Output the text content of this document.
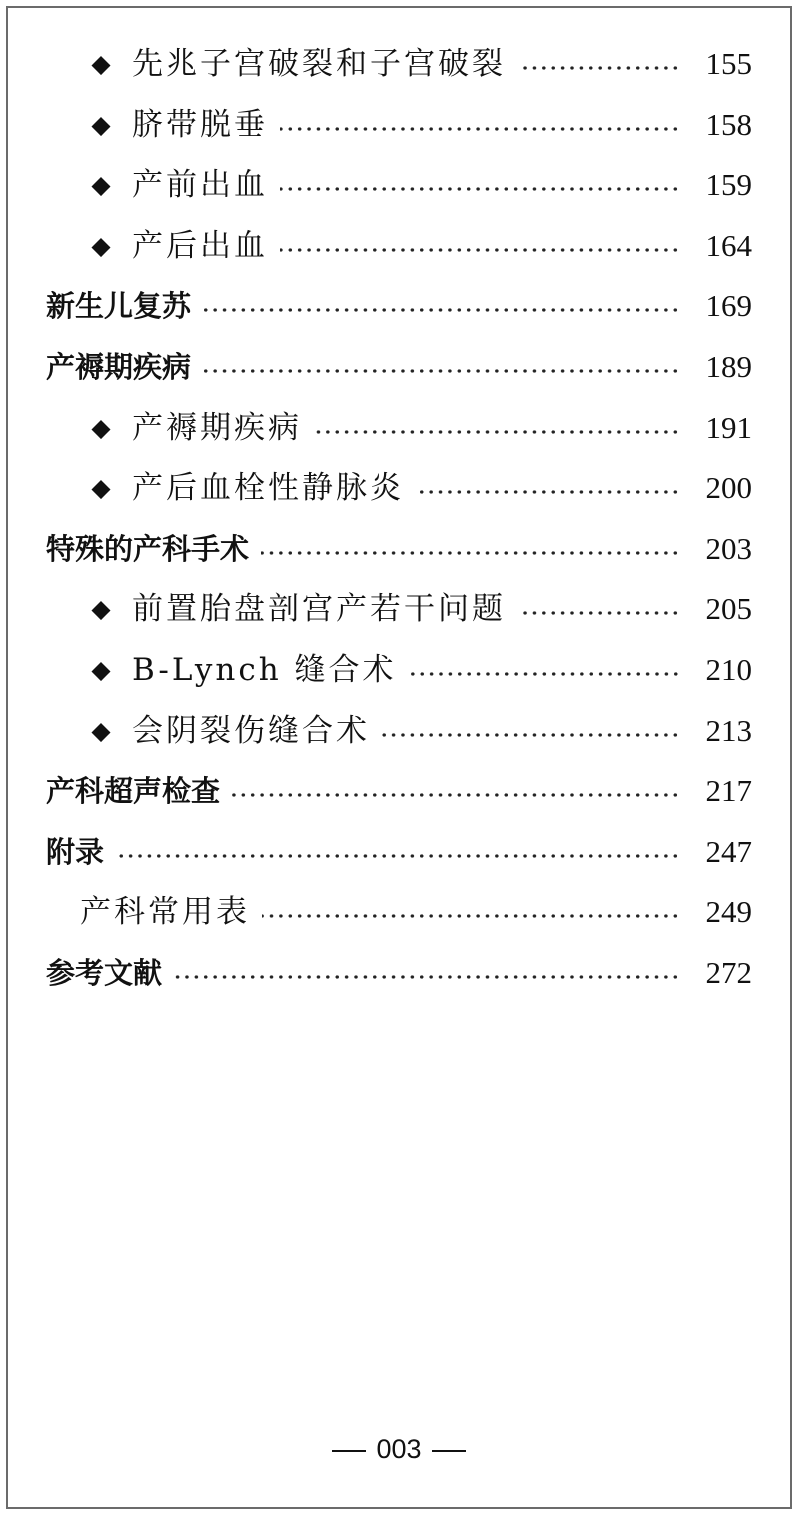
◆ 先兆子宫破裂和子宫破裂	155
◆ 脐带脱垂	158
◆ 产前出血	159
◆ 产后出血	164
新生儿复苏	169
产褥期疾病	189
◆ 产褥期疾病	191
◆ 产后血栓性静脉炎	200
特殊的产科手术	203
◆ 前置胎盘剖宫产若干问题	205
◆ B-Lynch 缝合术	210
◆ 会阴裂伤缝合术	213
产科超声检查	217
附录	247
产科常用表	249
参考文献	272
003
